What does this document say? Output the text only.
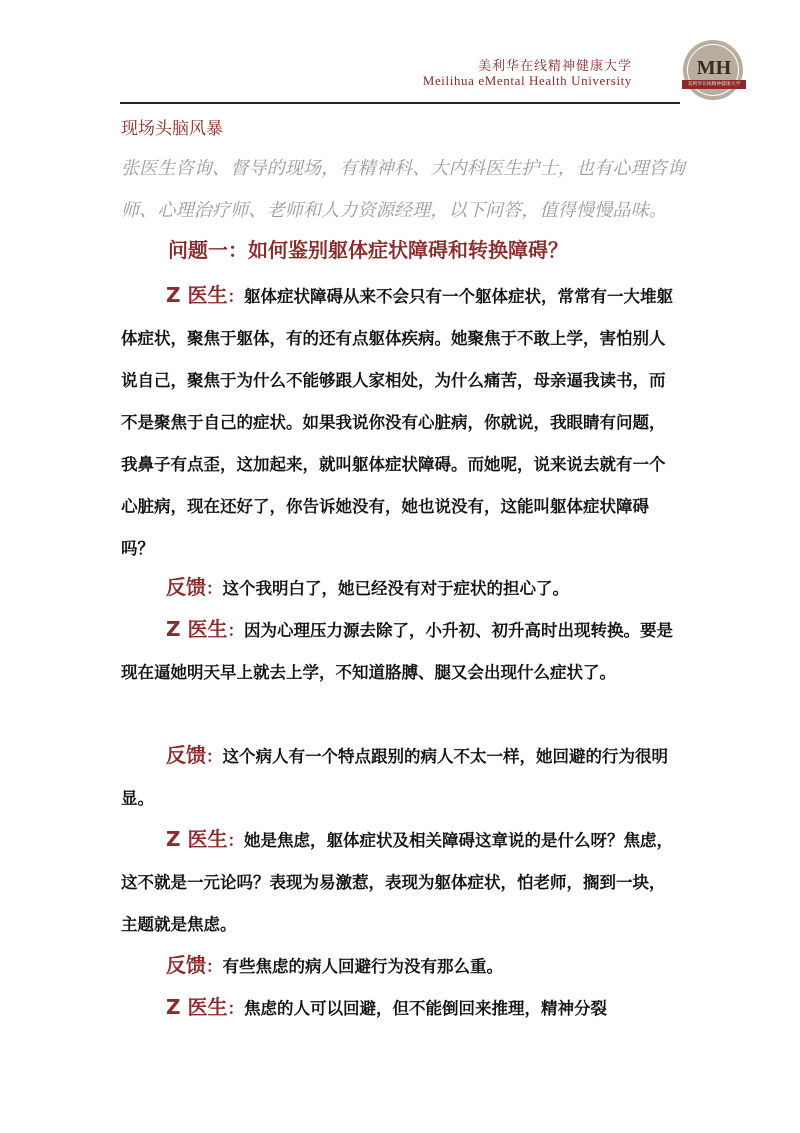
美利华在线精神健康大学
Meilihua eMental Health University
MH
美利华在线精神健康大学
现场头脑风暴
张医生咨询、督导的现场，有精神科、大内科医生护士，也有心理咨询师、心理治疗师、老师和人力资源经理，以下问答，值得慢慢品味。
问题一：如何鉴别躯体症状障碍和转换障碍？
Z 医生：躯体症状障碍从来不会只有一个躯体症状，常常有一大堆躯体症状，聚焦于躯体，有的还有点躯体疾病。她聚焦于不敢上学，害怕别人说自己，聚焦于为什么不能够跟人家相处，为什么痛苦，母亲逼我读书，而不是聚焦于自己的症状。如果我说你没有心脏病，你就说，我眼睛有问题，我鼻子有点歪，这加起来，就叫躯体症状障碍。而她呢，说来说去就有一个心脏病，现在还好了，你告诉她没有，她也说没有，这能叫躯体症状障碍吗？
反馈：这个我明白了，她已经没有对于症状的担心了。
Z 医生：因为心理压力源去除了，小升初、初升高时出现转换。要是现在逼她明天早上就去上学，不知道胳膊、腿又会出现什么症状了。
反馈：这个病人有一个特点跟别的病人不太一样，她回避的行为很明显。
Z 医生：她是焦虑，躯体症状及相关障碍这章说的是什么呀？焦虑，这不就是一元论吗？表现为易激惹，表现为躯体症状，怕老师，搁到一块，主题就是焦虑。
反馈：有些焦虑的病人回避行为没有那么重。
Z 医生：焦虑的人可以回避，但不能倒回来推理，精神分裂
